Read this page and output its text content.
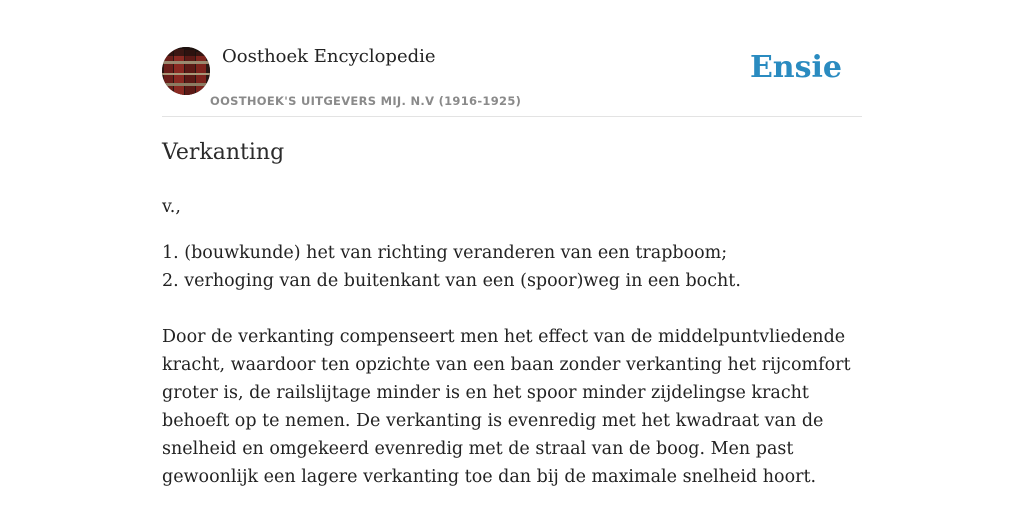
Oosthoek Encyclopedie
OOSTHOEK'S UITGEVERS MIJ. N.V (1916-1925)
Ensie
Verkanting

v.,

1. (bouwkunde) het van richting veranderen van een trapboom;

2. verhoging van de buitenkant van een (spoor)weg in een bocht.

Door de verkanting compenseert men het effect van de middelpuntvliedende kracht, waardoor ten opzichte van een baan zonder verkanting het rijcomfort groter is, de railslijtage minder is en het spoor minder zijdelingse kracht behoeft op te nemen. De verkanting is evenredig met het kwadraat van de snelheid en omgekeerd evenredig met de straal van de boog. Men past gewoonlijk een lagere verkanting toe dan bij de maximale snelheid hoort.
